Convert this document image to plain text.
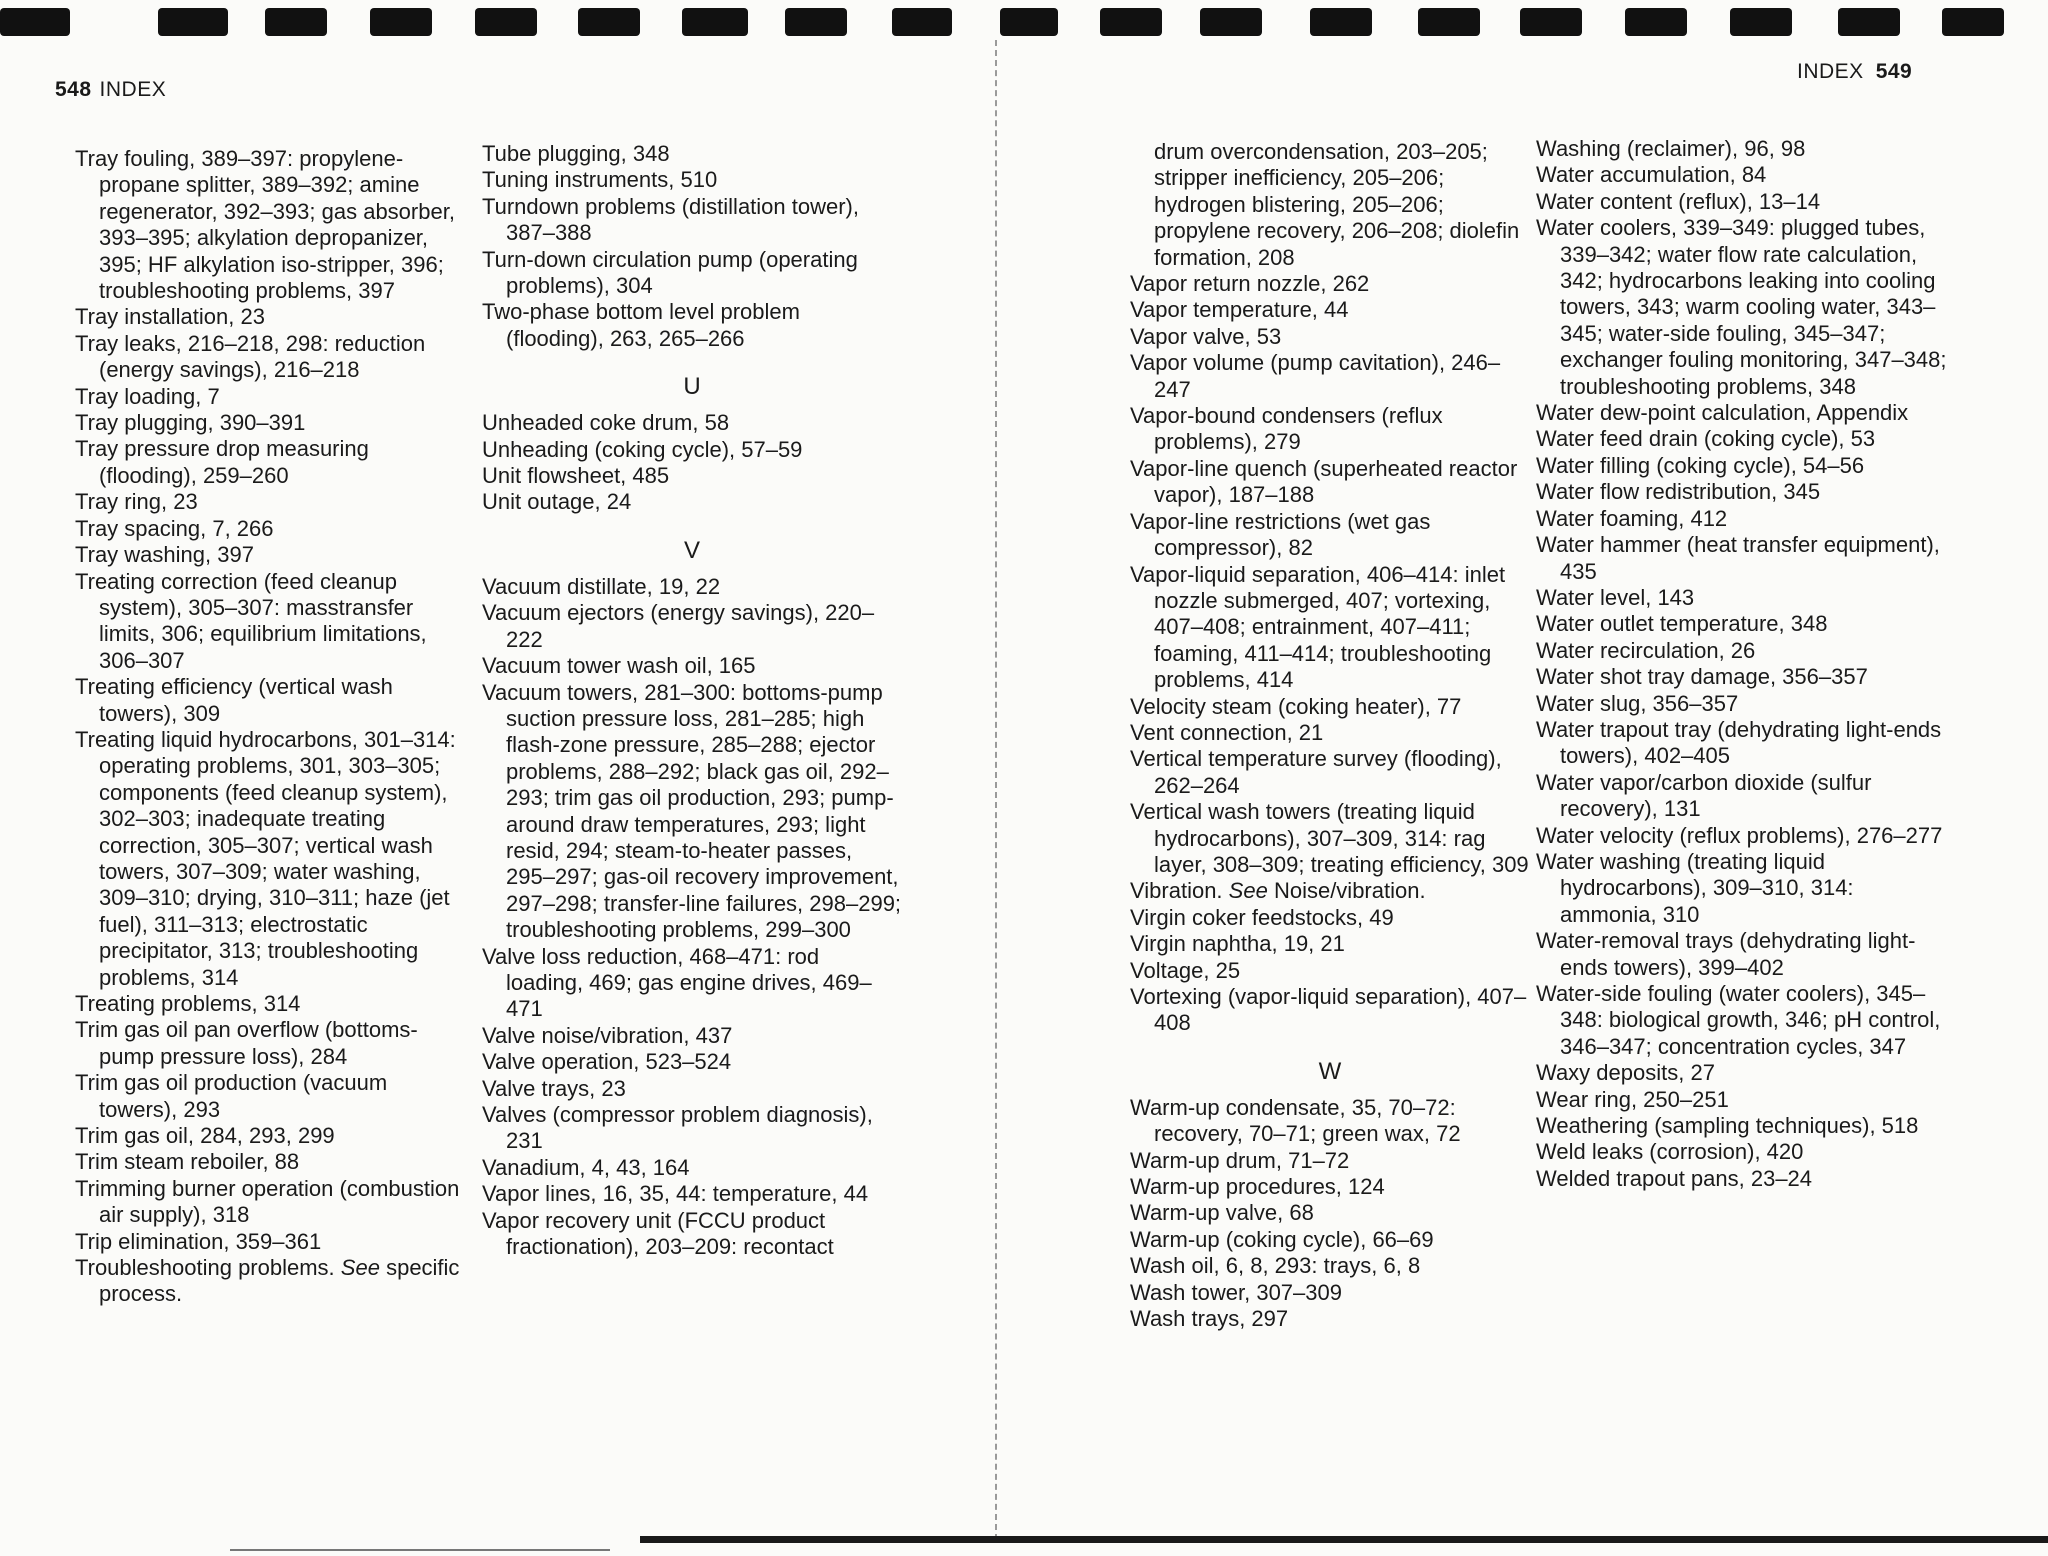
548 INDEX
INDEX 549

Tray fouling, 389–397: propylene-propane splitter, 389–392; amine regenerator, 392–393; gas absorber, 393–395; alkylation depropanizer, 395; HF alkylation iso-stripper, 396; troubleshooting problems, 397

Tray installation, 23

Tray leaks, 216–218, 298: reduction (energy savings), 216–218

Tray loading, 7

Tray plugging, 390–391

Tray pressure drop measuring (flooding), 259–260

Tray ring, 23

Tray spacing, 7, 266

Tray washing, 397

Treating correction (feed cleanup system), 305–307: masstransfer limits, 306; equilibrium limitations, 306–307

Treating efficiency (vertical wash towers), 309

Treating liquid hydrocarbons, 301–314: operating problems, 301, 303–305; components (feed cleanup system), 302–303; inadequate treating correction, 305–307; vertical wash towers, 307–309; water washing, 309–310; drying, 310–311; haze (jet fuel), 311–313; electrostatic precipitator, 313; troubleshooting problems, 314

Treating problems, 314

Trim gas oil pan overflow (bottoms-pump pressure loss), 284

Trim gas oil production (vacuum towers), 293

Trim gas oil, 284, 293, 299

Trim steam reboiler, 88

Trimming burner operation (combustion air supply), 318

Trip elimination, 359–361

Troubleshooting problems. See specific process.

Tube plugging, 348

Tuning instruments, 510

Turndown problems (distillation tower), 387–388

Turn-down circulation pump (operating problems), 304

Two-phase bottom level problem (flooding), 263, 265–266

U

Unheaded coke drum, 58

Unheading (coking cycle), 57–59

Unit flowsheet, 485

Unit outage, 24

V

Vacuum distillate, 19, 22

Vacuum ejectors (energy savings), 220–222

Vacuum tower wash oil, 165

Vacuum towers, 281–300: bottoms-pump suction pressure loss, 281–285; high flash-zone pressure, 285–288; ejector problems, 288–292; black gas oil, 292–293; trim gas oil production, 293; pump-around draw temperatures, 293; light resid, 294; steam-to-heater passes, 295–297; gas-oil recovery improvement, 297–298; transfer-line failures, 298–299; troubleshooting problems, 299–300

Valve loss reduction, 468–471: rod loading, 469; gas engine drives, 469–471

Valve noise/vibration, 437

Valve operation, 523–524

Valve trays, 23

Valves (compressor problem diagnosis), 231

Vanadium, 4, 43, 164

Vapor lines, 16, 35, 44: temperature, 44

Vapor recovery unit (FCCU product fractionation), 203–209: recontact

drum overcondensation, 203–205; stripper inefficiency, 205–206; hydrogen blistering, 205–206; propylene recovery, 206–208; diolefin formation, 208

Vapor return nozzle, 262

Vapor temperature, 44

Vapor valve, 53

Vapor volume (pump cavitation), 246–247

Vapor-bound condensers (reflux problems), 279

Vapor-line quench (superheated reactor vapor), 187–188

Vapor-line restrictions (wet gas compressor), 82

Vapor-liquid separation, 406–414: inlet nozzle submerged, 407; vortexing, 407–408; entrainment, 407–411; foaming, 411–414; troubleshooting problems, 414

Velocity steam (coking heater), 77

Vent connection, 21

Vertical temperature survey (flooding), 262–264

Vertical wash towers (treating liquid hydrocarbons), 307–309, 314: rag layer, 308–309; treating efficiency, 309

Vibration. See Noise/vibration.

Virgin coker feedstocks, 49

Virgin naphtha, 19, 21

Voltage, 25

Vortexing (vapor-liquid separation), 407–408

W

Warm-up condensate, 35, 70–72: recovery, 70–71; green wax, 72

Warm-up drum, 71–72

Warm-up procedures, 124

Warm-up valve, 68

Warm-up (coking cycle), 66–69

Wash oil, 6, 8, 293: trays, 6, 8

Wash tower, 307–309

Wash trays, 297

Washing (reclaimer), 96, 98

Water accumulation, 84

Water content (reflux), 13–14

Water coolers, 339–349: plugged tubes, 339–342; water flow rate calculation, 342; hydrocarbons leaking into cooling towers, 343; warm cooling water, 343–345; water-side fouling, 345–347; exchanger fouling monitoring, 347–348; troubleshooting problems, 348

Water dew-point calculation, Appendix

Water feed drain (coking cycle), 53

Water filling (coking cycle), 54–56

Water flow redistribution, 345

Water foaming, 412

Water hammer (heat transfer equipment), 435

Water level, 143

Water outlet temperature, 348

Water recirculation, 26

Water shot tray damage, 356–357

Water slug, 356–357

Water trapout tray (dehydrating light-ends towers), 402–405

Water vapor/carbon dioxide (sulfur recovery), 131

Water velocity (reflux problems), 276–277

Water washing (treating liquid hydrocarbons), 309–310, 314: ammonia, 310

Water-removal trays (dehydrating light-ends towers), 399–402

Water-side fouling (water coolers), 345–348: biological growth, 346; pH control, 346–347; concentration cycles, 347

Waxy deposits, 27

Wear ring, 250–251

Weathering (sampling techniques), 518

Weld leaks (corrosion), 420

Welded trapout pans, 23–24
